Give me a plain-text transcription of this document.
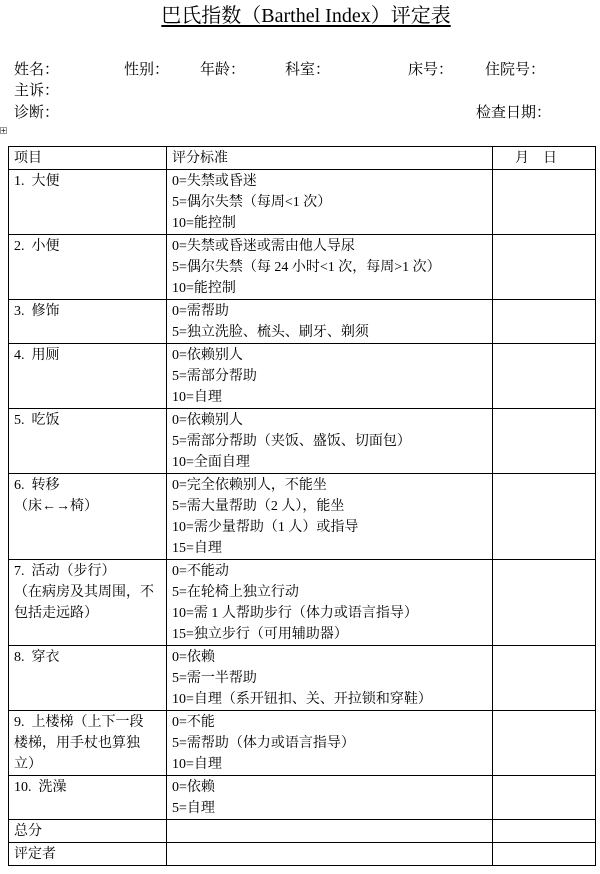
巴氏指数（Barthel Index）评定表
姓名：	性别： 年龄：	科室：	床号： 住院号：
主诉：
诊断：	检查日期：
项目	评分标准	月　日

1.  大便	0=失禁或昏迷
5=偶尔失禁（每周<1 次）
10=能控制	

2.  小便	0=失禁或昏迷或需由他人导尿
5=偶尔失禁（每 24 小时<1 次，每周>1 次）
10=能控制	

3.  修饰	0=需帮助
5=独立洗脸、梳头、刷牙、剃须	

4.  用厕	0=依赖别人
5=需部分帮助
10=自理	

5.  吃饭	0=依赖别人
5=需部分帮助（夹饭、盛饭、切面包）
10=全面自理	

6.  转移
（床←→椅）	0=完全依赖别人，不能坐
5=需大量帮助（2 人），能坐
10=需少量帮助（1 人）或指导
15=自理	

7.  活动（步行）
（在病房及其周围，不
包括走远路）	0=不能动
5=在轮椅上独立行动
10=需 1 人帮助步行（体力或语言指导）
15=独立步行（可用辅助器）	

8.  穿衣	0=依赖
5=需一半帮助
10=自理（系开钮扣、关、开拉锁和穿鞋）	

9.  上楼梯（上下一段
楼梯，用手杖也算独
立）	0=不能
5=需帮助（体力或语言指导）
10=自理	

10.  洗澡	0=依赖
5=自理	

总分		

评定者		
